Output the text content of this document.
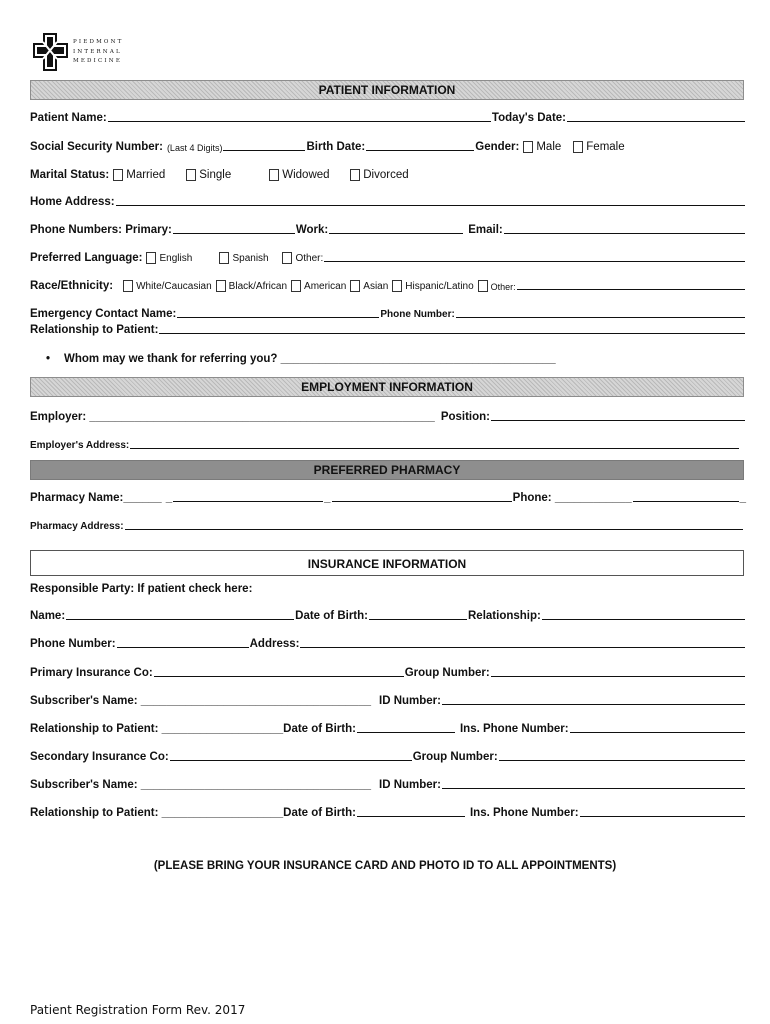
PIEDMONT
INTERNAL
MEDICINE
PATIENT INFORMATION
Patient Name:	Today's Date:
Social Security Number: (Last 4 Digits)	Birth Date:	Gender: Male Female
Marital Status: Married	Single	Widowed	Divorced
Home Address:
Phone Numbers: Primary:	Work:	Email:
Preferred Language: English	Spanish	Other:
Race/Ethnicity: White/Caucasian Black/African American Asian Hispanic/Latino Other:
Emergency Contact Name:	Phone Number:
Relationship to Patient:
• Whom may we thank for referring you? ___________________________________________
EMPLOYMENT INFORMATION
Employer: ______________________________________________________ Position:
Employer's Address:
PREFERRED PHARMACY
Pharmacy Name:______ _	_	Phone: ___________ _	_
Pharmacy Address:
INSURANCE INFORMATION
Responsible Party: If patient check here:
Name:	Date of Birth:	Relationship:
Phone Number:	Address:
Primary Insurance Co:	Group Number:
Subscriber's Name: ____________________________________ ID Number:
Relationship to Patient: ___________________ Date of Birth:	Ins. Phone Number:
Secondary Insurance Co:	Group Number:
Subscriber's Name: ____________________________________ ID Number:
Relationship to Patient: ___________________ Date of Birth:	Ins. Phone Number:
(PLEASE BRING YOUR INSURANCE CARD AND PHOTO ID TO ALL APPOINTMENTS)
Patient Registration Form Rev. 2017
